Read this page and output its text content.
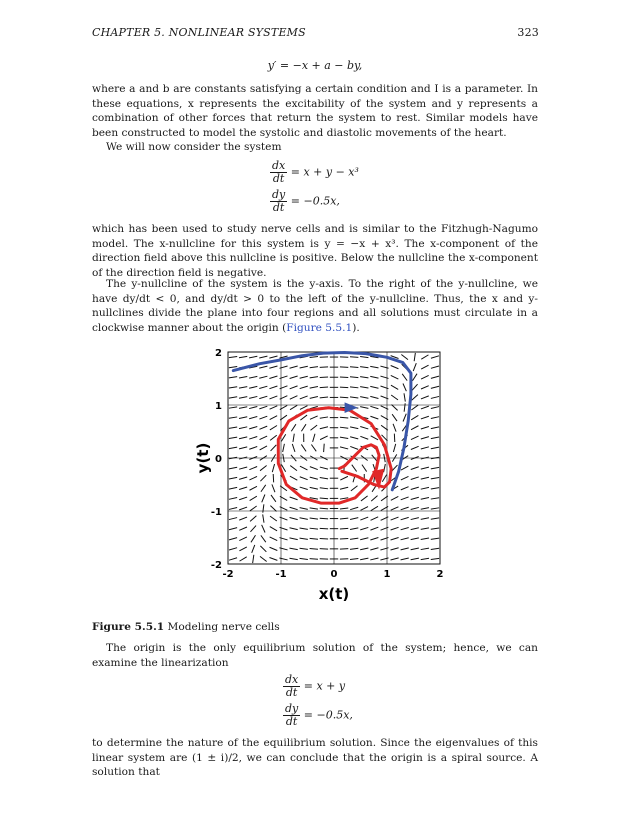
CHAPTER 5. NONLINEAR SYSTEMS	323
y′ = −x + a − by,

where a and b are constants satisfying a certain condition and I is a parameter. In these equations, x represents the excitability of the system and y represents a combination of other forces that return the system to rest. Similar models have been constructed to model the systolic and diastolic movements of the heart.

We will now consider the system

$\frac{dx}{dt} = x + y - x^3$
$\frac{dy}{dt} = -0.5x$,

which has been used to study nerve cells and is similar to the Fitzhugh-Nagumo model. The x-nullcline for this system is y = −x + x³. The x-component of the direction field above this nullcline is positive. Below the nullcline the x-component of the direction field is negative.

The y-nullcline of the system is the y-axis. To the right of the y-nullcline, we have dy/dt < 0, and dy/dt > 0 to the left of the y-nullcline. Thus, the x and y-nullclines divide the plane into four regions and all solutions must circulate in a clockwise manner about the origin (Figure 5.5.1).

-2	-1	0	1	2
-2
-1
0
1
2
x(t)
y(t)
Figure 5.5.1 Modeling nerve cells

The origin is the only equilibrium solution of the system; hence, we can examine the linearization

$\frac{dx}{dt} = x + y$
$\frac{dy}{dt} = -0.5x$,

to determine the nature of the equilibrium solution. Since the eigenvalues of this linear system are (1 ± i)/2, we can conclude that the origin is a spiral source. A solution that
